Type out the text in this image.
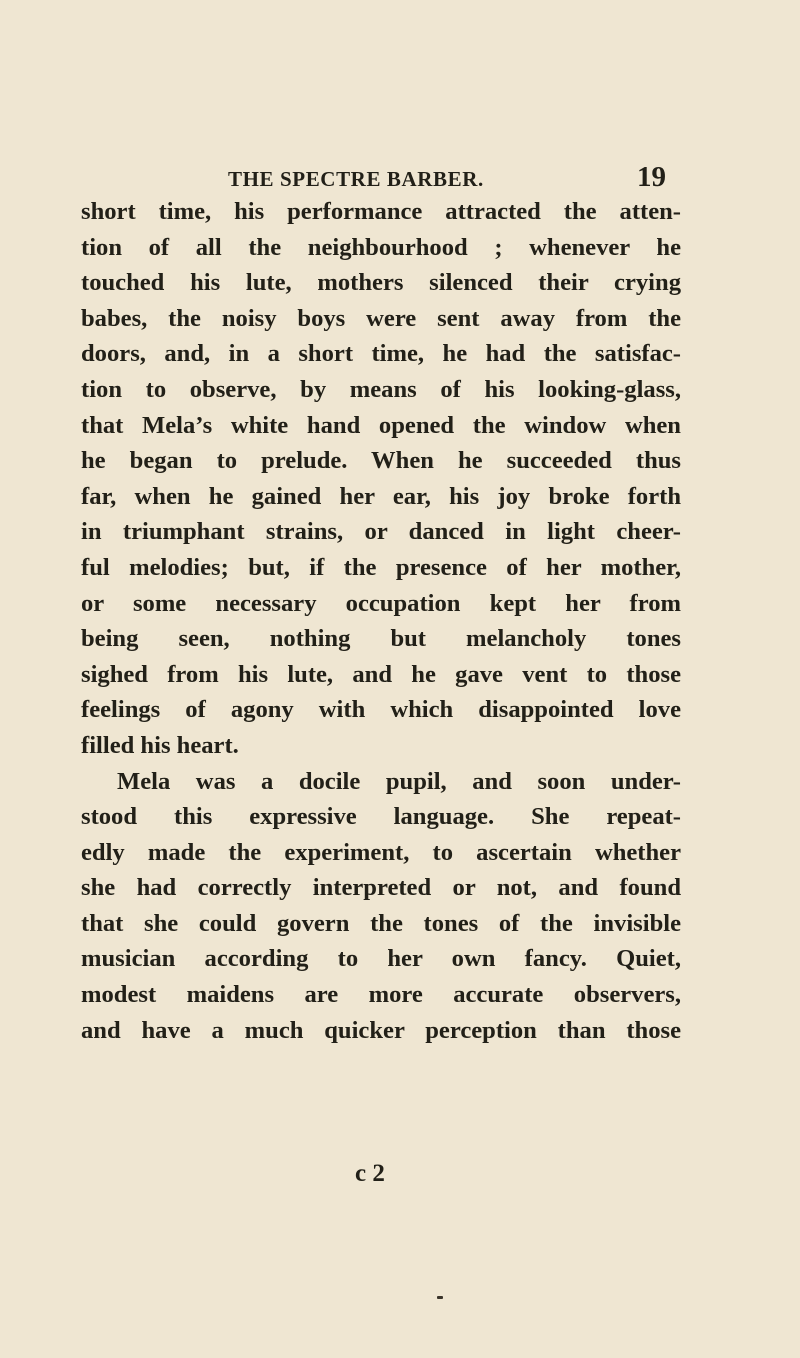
THE SPECTRE BARBER.	19
short time, his performance attracted the atten-
tion of all the neighbourhood ; whenever he
touched his lute, mothers silenced their crying
babes, the noisy boys were sent away from the
doors, and, in a short time, he had the satisfac-
tion to observe, by means of his looking-glass,
that Mela’s white hand opened the window when
he began to prelude. When he succeeded thus
far, when he gained her ear, his joy broke forth
in triumphant strains, or danced in light cheer-
ful melodies; but, if the presence of her mother,
or some necessary occupation kept her from
being seen, nothing but melancholy tones
sighed from his lute, and he gave vent to those
feelings of agony with which disappointed love
filled his heart.
Mela was a docile pupil, and soon under-
stood this expressive language. She repeat-
edly made the experiment, to ascertain whether
she had correctly interpreted or not, and found
that she could govern the tones of the invisible
musician according to her own fancy. Quiet,
modest maidens are more accurate observers,
and have a much quicker perception than those
c 2
